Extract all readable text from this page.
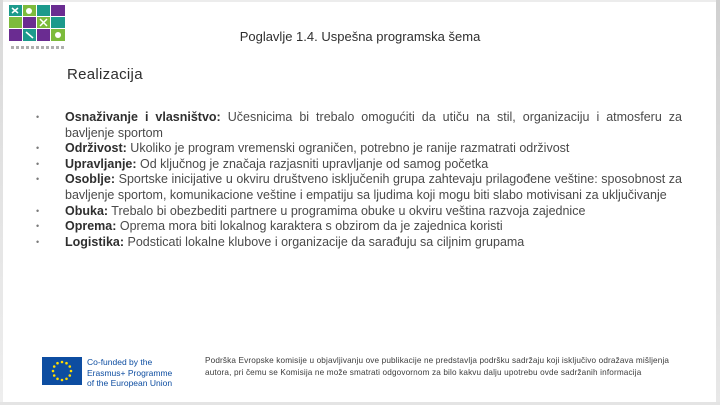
Poglavlje 1.4. Uspešna programska šema
Realizacija
• Osnaživanje i vlasništvo: Učesnicima bi trebalo omogućiti da utiču na stil, organizaciju i atmosferu za bavljenje sportom
• Održivost: Ukoliko je program vremenski ograničen, potrebno je ranije razmatrati održivost
• Upravljanje: Od ključnog je značaja razjasniti upravljanje od samog početka
• Osoblje: Sportske inicijative u okviru društveno isključenih grupa zahtevaju prilagođene veštine: sposobnost za bavljenje sportom, komunikacione veštine i empatiju sa ljudima koji mogu biti slabo motivisani za uključivanje
• Obuka: Trebalo bi obezbediti partnere u programima obuke u okviru veština razvoja zajednice
• Oprema: Oprema mora biti lokalnog karaktera s obzirom da je zajednica koristi
• Logistika: Podsticati lokalne klubove i organizacije da sarađuju sa ciljnim grupama
Co-funded by the
Erasmus+ Programme
of the European Union
Podrška Evropske komisije u objavljivanju ove publikacije ne predstavlja podršku sadržaju koji isključivo odražava mišljenja autora, pri čemu se Komisija ne može smatrati odgovornom za bilo kakvu dalju upotrebu ovde sadržanih informacija
